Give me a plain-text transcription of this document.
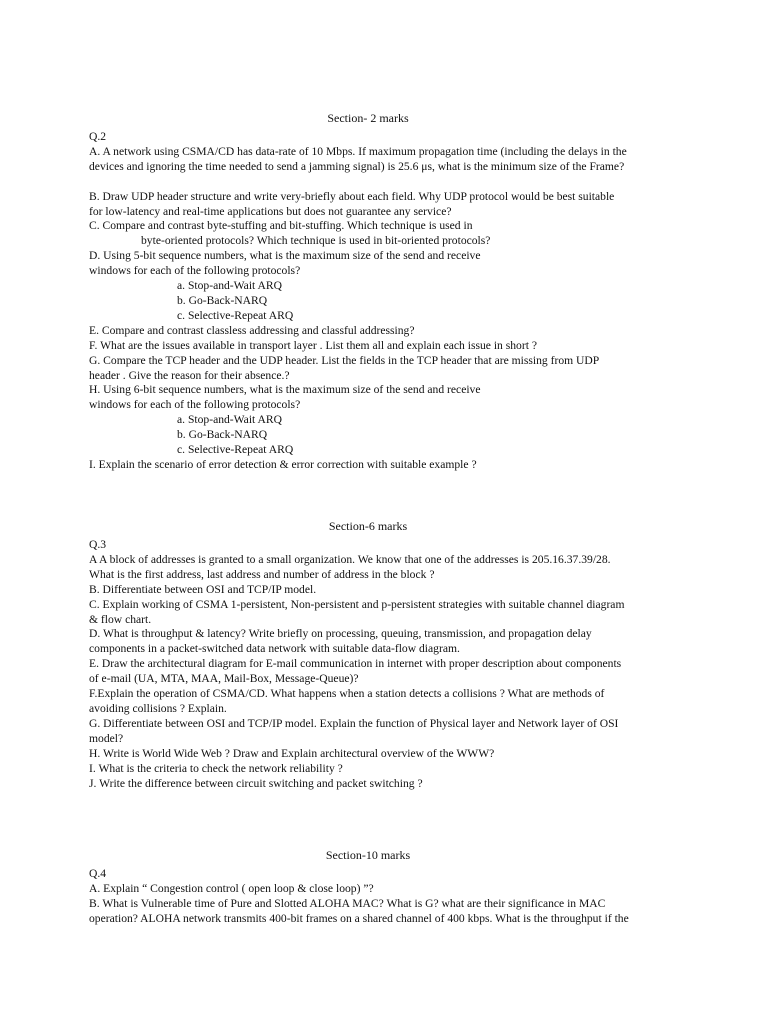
Section- 2 marks
Q.2
A. A network using CSMA/CD has data-rate of 10 Mbps. If maximum propagation time (including the delays in the
devices and ignoring the time needed to send a jamming signal) is 25.6 μs, what is the minimum size of the Frame?

B. Draw UDP header structure and write very-briefly about each field. Why UDP protocol would be best suitable
for low-latency and real-time applications but does not guarantee any service?
C. Compare and contrast byte-stuffing and bit-stuffing. Which technique is used in
byte-oriented protocols? Which technique is used in bit-oriented protocols?
D. Using 5-bit sequence numbers, what is the maximum size of the send and receive
windows for each of the following protocols?
a. Stop-and-Wait ARQ
b. Go-Back-NARQ
c. Selective-Repeat ARQ
E. Compare and contrast classless addressing and classful addressing?
F. What are the issues available in transport layer . List them all and explain each issue in short ?
G. Compare the TCP header and the UDP header. List the fields in the TCP header that are missing from UDP
header . Give the reason for their absence.?
H. Using 6-bit sequence numbers, what is the maximum size of the send and receive
windows for each of the following protocols?
a. Stop-and-Wait ARQ
b. Go-Back-NARQ
c. Selective-Repeat ARQ
I. Explain the scenario of error detection & error correction with suitable example ?
Section-6 marks
Q.3
A A block of addresses is granted to a small organization. We know that one of the addresses is 205.16.37.39/28.
What is the first address, last address and number of address in the block ?
B. Differentiate between OSI and TCP/IP model.
C. Explain working of CSMA 1-persistent, Non-persistent and p-persistent strategies with suitable channel diagram
& flow chart.
D. What is throughput & latency? Write briefly on processing, queuing, transmission, and propagation delay
components in a packet-switched data network with suitable data-flow diagram.
E. Draw the architectural diagram for E-mail communication in internet with proper description about components
of e-mail (UA, MTA, MAA, Mail-Box, Message-Queue)?
F.Explain the operation of CSMA/CD. What happens when a station detects a collisions ? What are methods of
avoiding collisions ? Explain.
G. Differentiate between OSI and TCP/IP model. Explain the function of Physical layer and Network layer of OSI
model?
H. Write is World Wide Web ? Draw and Explain architectural overview of the WWW?
I. What is the criteria to check the network reliability ?
J. Write the difference between circuit switching and packet switching ?
Section-10 marks
Q.4
A. Explain “ Congestion control ( open loop & close loop) ”?
B. What is Vulnerable time of Pure and Slotted ALOHA MAC? What is G? what are their significance in MAC
operation? ALOHA network transmits 400-bit frames on a shared channel of 400 kbps. What is the throughput if the
